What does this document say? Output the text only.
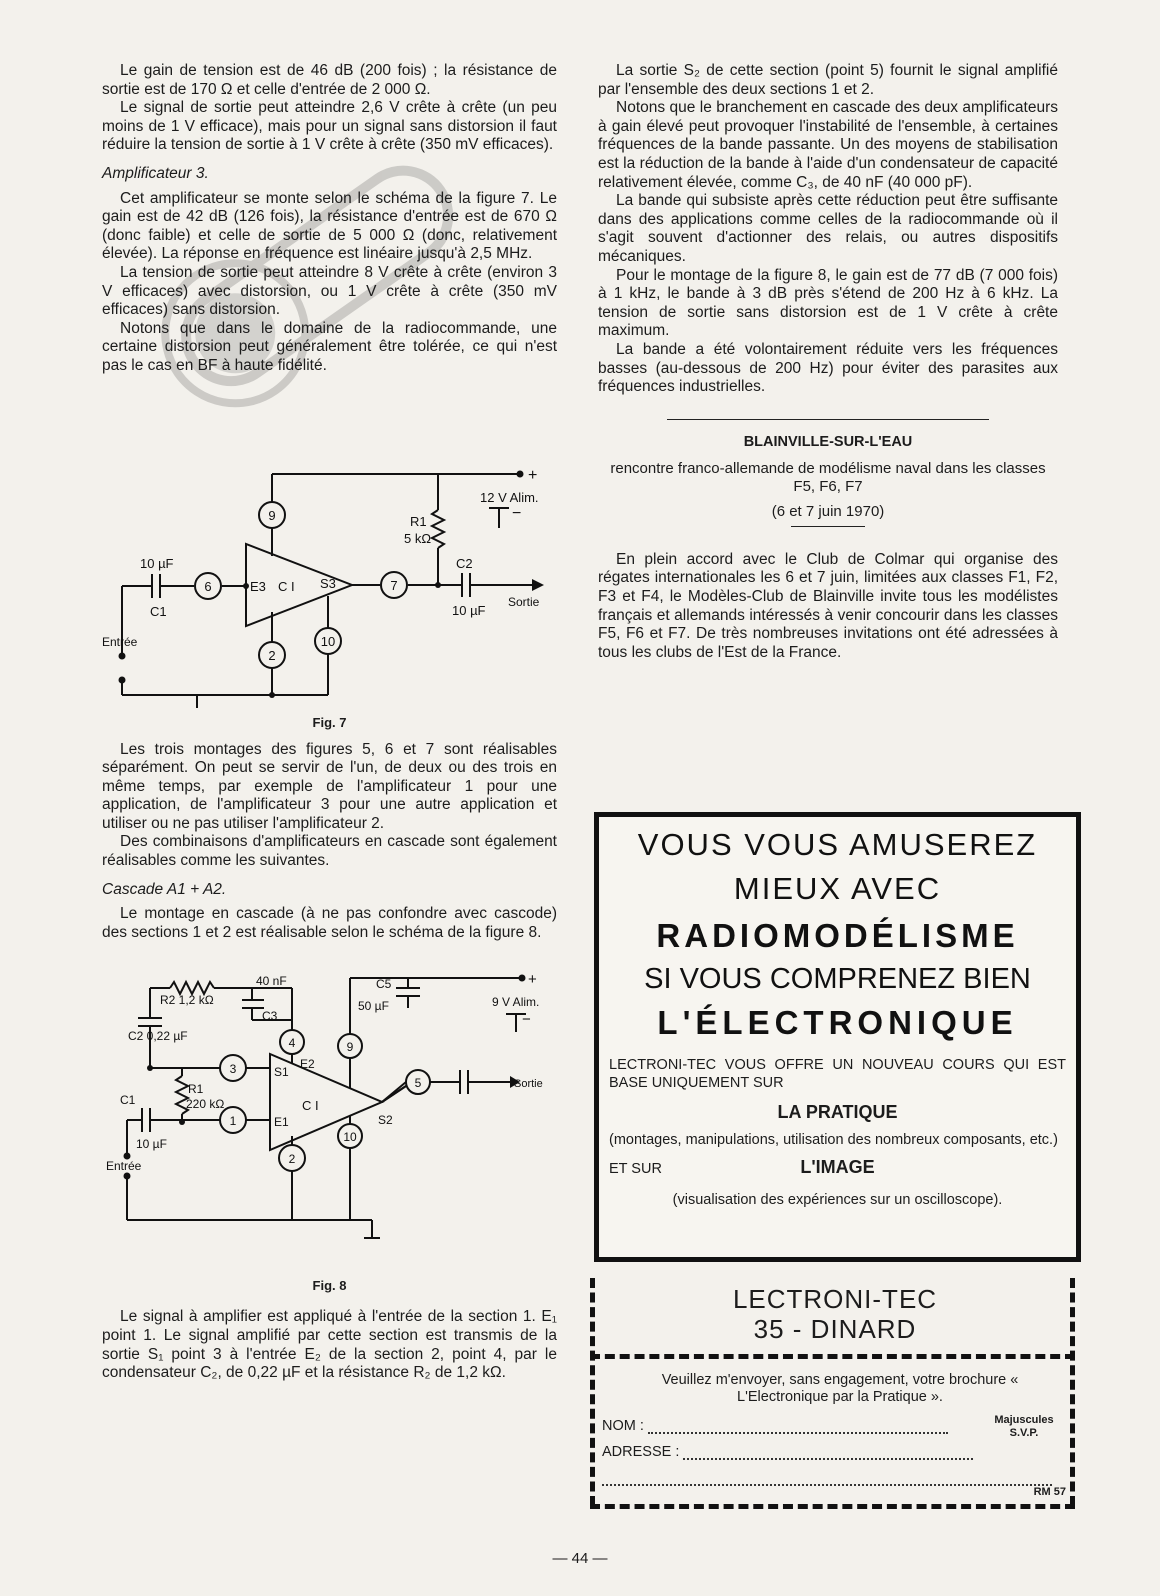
Le gain de tension est de 46 dB (200 fois) ; la résistance de sortie est de 170 Ω et celle d'entrée de 2 000 Ω.

Le signal de sortie peut atteindre 2,6 V crête à crête (un peu moins de 1 V efficace), mais pour un signal sans distorsion il faut réduire la tension de sortie à 1 V crête à crête (350 mV efficaces).

Amplificateur 3.

Cet amplificateur se monte selon le schéma de la figure 7. Le gain est de 42 dB (126 fois), la résistance d'entrée est de 670 Ω (donc faible) et celle de sortie de 5 000 Ω (donc, relativement élevée). La réponse en fréquence est linéaire jusqu'à 2,5 MHz.

La tension de sortie peut atteindre 8 V crête à crête (environ 3 V efficaces) avec distorsion, ou 1 V crête à crête (350 mV efficaces) sans distorsion.

Notons que dans le domaine de la radiocommande, une certaine distorsion peut généralement être tolérée, ce qui n'est pas le cas en BF à haute fidélité.

9
6	7
2
10
E3 C I S3
R1
5 kΩ
12 V Alim.
+
−
10 µF
C1
C2
10 µF
Entrée
Sortie
Fig. 7

Les trois montages des figures 5, 6 et 7 sont réalisables séparément. On peut se servir de l'un, de deux ou des trois en même temps, par exemple de l'amplificateur 1 pour une application, de l'amplificateur 3 pour une autre application et utiliser ou ne pas utiliser l'amplificateur 2.

Des combinaisons d'amplificateurs en cascade sont également réalisables comme les suivantes.

Cascade A1 + A2.

Le montage en cascade (à ne pas confondre avec cascode) des sections 1 et 2 est réalisable selon le schéma de la figure 8.

4
3
1
9
5
2
10
R2 1,2 kΩ
40 nF
C3
C2 0,22 µF
R1
220 kΩ
C1
10 µF
Entrée
C I
S1
E1
E2
S2
C5
50 µF	9 V Alim.
+
−
Sortie
Fig. 8

Le signal à amplifier est appliqué à l'entrée de la section 1. E₁ point 1. Le signal amplifié par cette section est transmis de la sortie S₁ point 3 à l'entrée E₂ de la section 2, point 4, par le condensateur C₂, de 0,22 µF et la résistance R₂ de 1,2 kΩ.

La sortie S₂ de cette section (point 5) fournit le signal amplifié par l'ensemble des deux sections 1 et 2.

Notons que le branchement en cascade des deux amplificateurs à gain élevé peut provoquer l'instabilité de l'ensemble, à certaines fréquences de la bande passante. Un des moyens de stabilisation est la réduction de la bande à l'aide d'un condensateur de capacité relativement élevée, comme C₃, de 40 nF (40 000 pF).

La bande qui subsiste après cette réduction peut être suffisante dans des applications comme celles de la radiocommande où il s'agit souvent d'actionner des relais, ou autres dispositifs mécaniques.

Pour le montage de la figure 8, le gain est de 77 dB (7 000 fois) à 1 kHz, le bande à 3 dB près s'étend de 200 Hz à 6 kHz. La tension de sortie sans distorsion est de 1 V crête à crête maximum.

La bande a été volontairement réduite vers les fréquences basses (au-dessous de 200 Hz) pour éviter des parasites aux fréquences industrielles.

BLAINVILLE-SUR-L'EAU

rencontre franco-allemande de modélisme naval dans les classes F5, F6, F7

(6 et 7 juin 1970)

En plein accord avec le Club de Colmar qui organise des régates internationales les 6 et 7 juin, limitées aux classes F1, F2, F3 et F4, le Modèles-Club de Blainville invite tous les modélistes français et allemands intéressés à venir concourir dans les classes F5, F6 et F7. De très nombreuses invitations ont été adressées à tous les clubs de l'Est de la France.

VOUS VOUS AMUSEREZ

MIEUX AVEC

RADIOMODÉLISME

SI VOUS COMPRENEZ BIEN

L'ÉLECTRONIQUE

LECTRONI-TEC VOUS OFFRE UN NOUVEAU COURS QUI EST BASE UNIQUEMENT SUR

LA PRATIQUE

(montages, manipulations, utilisation des nombreux composants, etc.)

ET SUR	L'IMAGE

(visualisation des expériences sur un oscilloscope).

LECTRONI-TEC
35 - DINARD
Veuillez m'envoyer, sans engagement, votre brochure « L'Electronique par la Pratique ».
NOM :	Majuscules S.V.P.
ADRESSE :
RM 57
— 44 —
